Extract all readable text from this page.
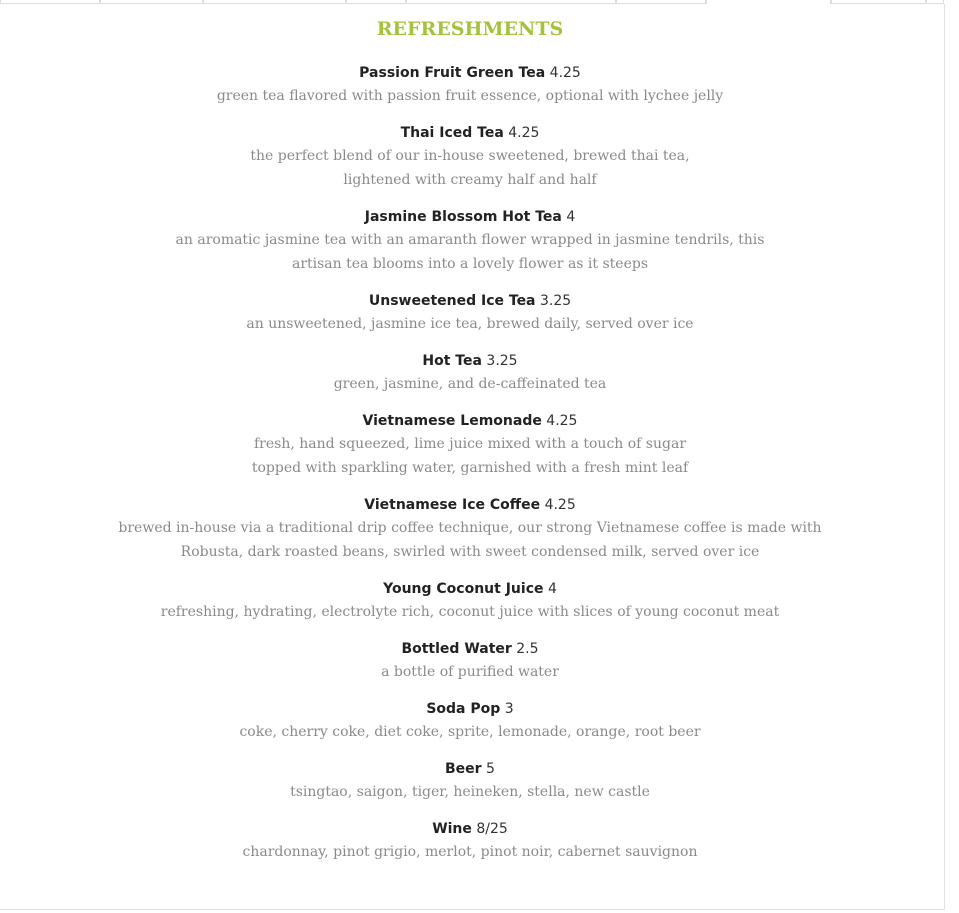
REFRESHMENTS
Passion Fruit Green Tea 4.25
green tea flavored with passion fruit essence, optional with lychee jelly
Thai Iced Tea 4.25
the perfect blend of our in-house sweetened, brewed thai tea,
lightened with creamy half and half
Jasmine Blossom Hot Tea 4
an aromatic jasmine tea with an amaranth flower wrapped in jasmine tendrils, this
artisan tea blooms into a lovely flower as it steeps
Unsweetened Ice Tea 3.25
an unsweetened, jasmine ice tea, brewed daily, served over ice
Hot Tea 3.25
green, jasmine, and de-caffeinated tea
Vietnamese Lemonade 4.25
fresh, hand squeezed, lime juice mixed with a touch of sugar
topped with sparkling water, garnished with a fresh mint leaf
Vietnamese Ice Coffee 4.25
brewed in-house via a traditional drip coffee technique, our strong Vietnamese coffee is made with
Robusta, dark roasted beans, swirled with sweet condensed milk, served over ice
Young Coconut Juice 4
refreshing, hydrating, electrolyte rich, coconut juice with slices of young coconut meat
Bottled Water 2.5
a bottle of purified water
Soda Pop 3
coke, cherry coke, diet coke, sprite, lemonade, orange, root beer
Beer 5
tsingtao, saigon, tiger, heineken, stella, new castle
Wine 8/25
chardonnay, pinot grigio, merlot, pinot noir, cabernet sauvignon
